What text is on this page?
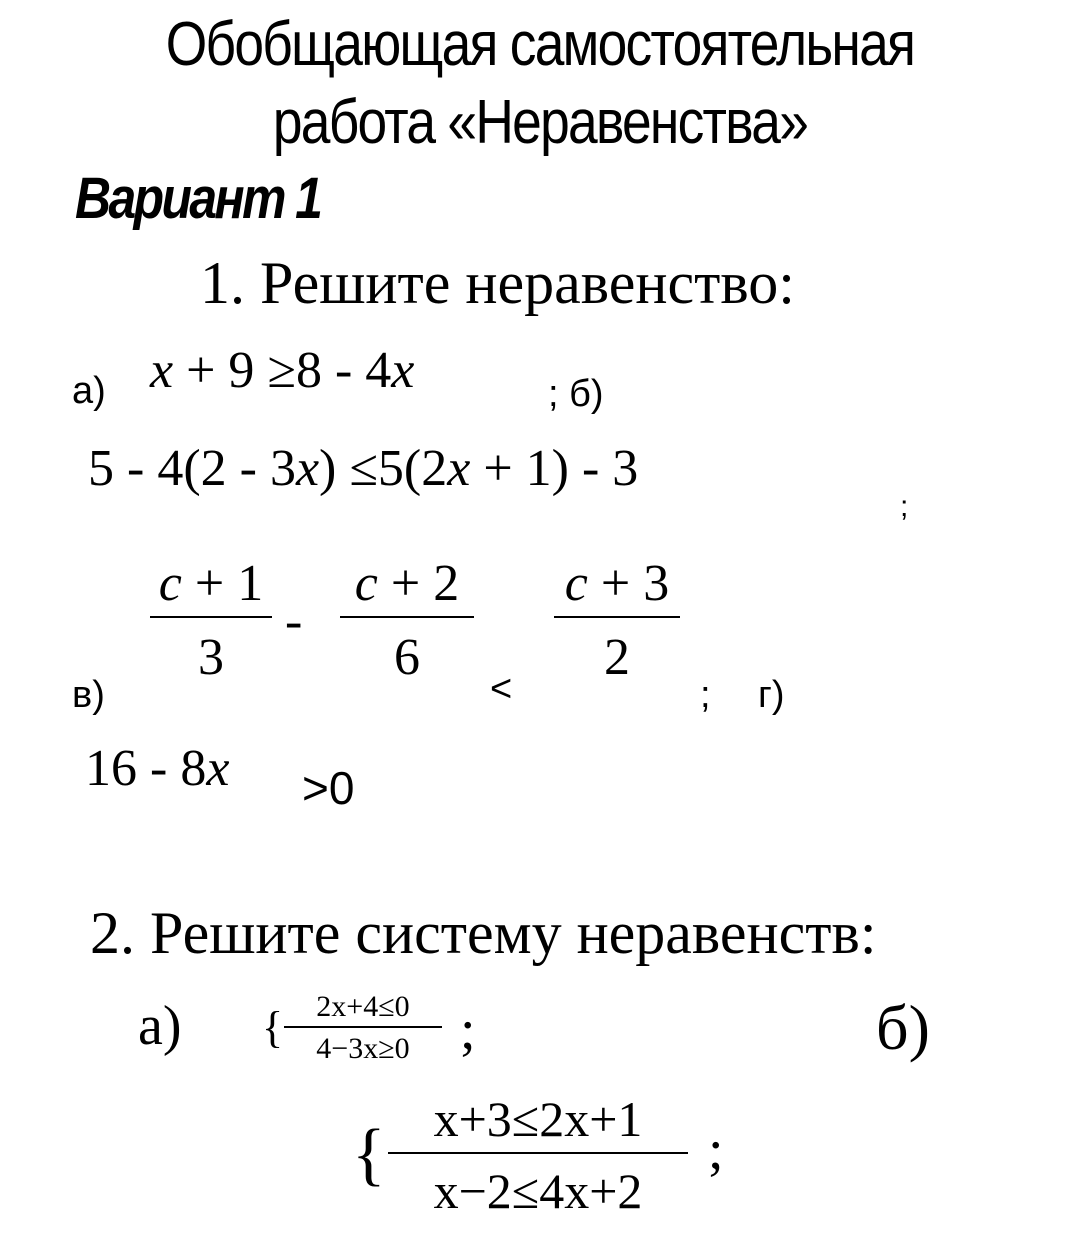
Обобщающая самостоятельная
работа «Неравенства»
Вариант 1
1. Решите неравенство:
а) x + 9 ≥8 - 4x	; б)
5 - 4(2 - 3x) ≤5(2x + 1) - 3
;
c + 1
3
-
c + 2
6
<
c + 3
2
в)	; г)
16 - 8x >0
2. Решите систему неравенств:
а) {	2x+4≤0
4−3x≥0 ;	б)
{ x+3≤2x+1
x−2≤4x+2
;
